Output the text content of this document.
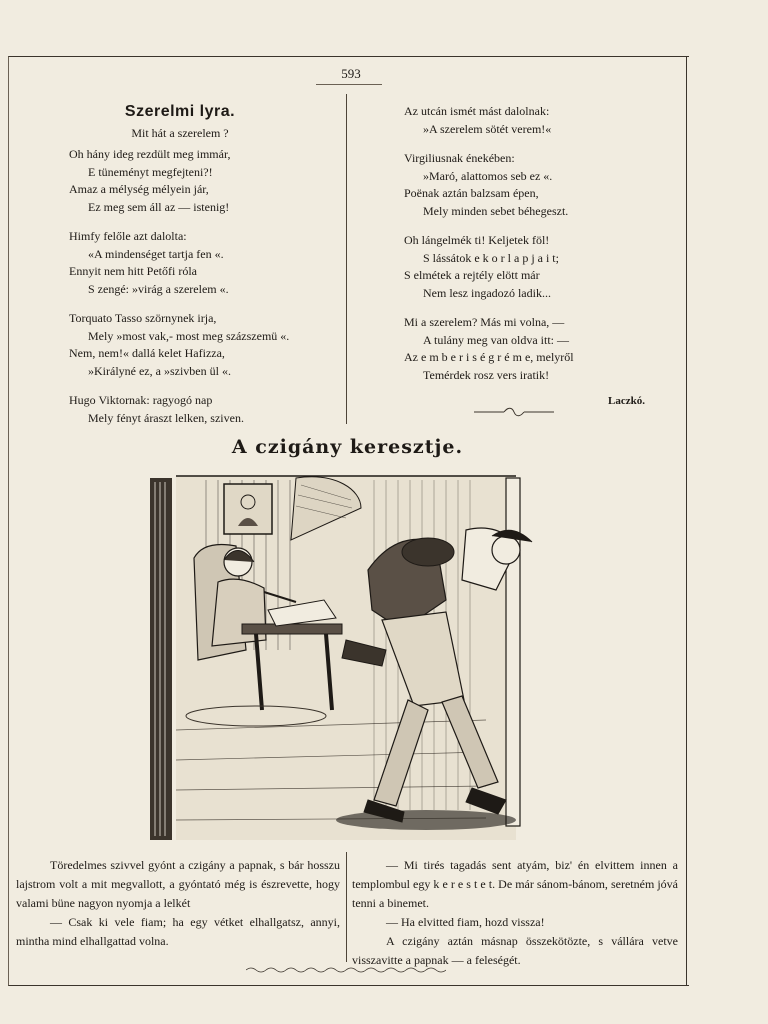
593
Szerelmi lyra.
Mit hát a szerelem ?
Oh hány ideg rezdült meg immár,
E tüneményt megfejteni?!
Amaz a mélység mélyein jár,
Ez meg sem áll az — istenig!
Himfy felőle azt dalolta:
«A mindenséget tartja fen «.
Ennyit nem hitt Petőfi róla
S zengé: »virág a szerelem «.
Torquato Tasso szörnynek irja,
Mely »most vak,- most meg százszemü «.
Nem, nem!« dallá kelet Hafizza,
»Királyné ez, a »szivben ül «.
Hugo Viktornak: ragyogó nap
Mely fényt áraszt lelken, sziven.
Az utcán ismét mást dalolnak:
»A szerelem sötét verem!«
Virgiliusnak énekében:
»Maró, alattomos seb ez «.
Poënak aztán balzsam épen,
Mely minden sebet béhegeszt.
Oh lángelmék ti! Keljetek föl!
S lássátok e k o r l a p j a i t;
S elmétek a rejtély elött már
Nem lesz ingadozó ladik...
Mi a szerelem? Más mi volna, —
A tulány meg van oldva itt: —
Az e m b e r i s é g r é m e, melyről
Temérdek rosz vers iratik!
Laczkó.
A czigány keresztje.

Töredelmes szivvel gyónt a czigány a papnak, s bár hosszu lajstrom volt a mit megvallott, a gyóntató még is észrevette, hogy valami büne nagyon nyomja a lelkét

— Csak ki vele fiam; ha egy vétket elhallgatsz, annyi, mintha mind elhallgattad volna.

— Mi tirés tagadás sent atyám, biz' én elvittem innen a templombul egy k e r e s t e t. De már sánom-bánom, seretném jóvá tenni a binemet.

— Ha elvitted fiam, hozd vissza!

A czigány aztán másnap összekötözte, s vállára vetve visszavitte a papnak — a feleségét.
